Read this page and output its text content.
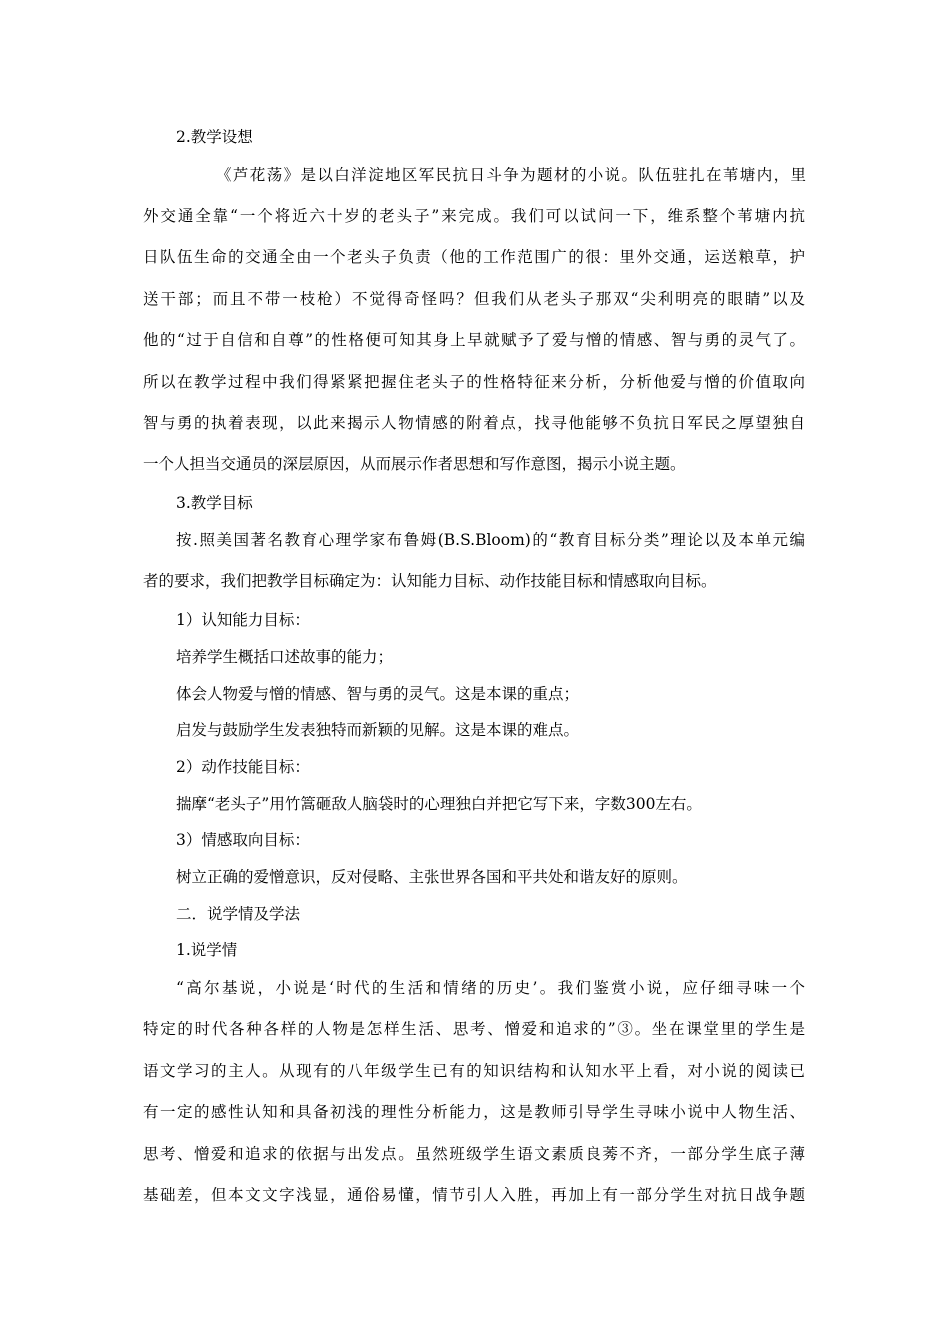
2.教学设想
《芦花荡》是以白洋淀地区军民抗日斗争为题材的小说。队伍驻扎在苇塘内，里
外交通全靠“一个将近六十岁的老头子”来完成。我们可以试问一下，维系整个苇塘内抗
日队伍生命的交通全由一个老头子负责（他的工作范围广的很：里外交通，运送粮草，护
送干部；而且不带一枝枪）不觉得奇怪吗？但我们从老头子那双“尖利明亮的眼睛”以及
他的“过于自信和自尊”的性格便可知其身上早就赋予了爱与憎的情感、智与勇的灵气了。
所以在教学过程中我们得紧紧把握住老头子的性格特征来分析，分析他爱与憎的价值取向
智与勇的执着表现，以此来揭示人物情感的附着点，找寻他能够不负抗日军民之厚望独自
一个人担当交通员的深层原因，从而展示作者思想和写作意图，揭示小说主题。
3.教学目标
按.照美国著名教育心理学家布鲁姆(B.S.Bloom)的“教育目标分类”理论以及本单元编
者的要求，我们把教学目标确定为：认知能力目标、动作技能目标和情感取向目标。
1）认知能力目标：
培养学生概括口述故事的能力；
体会人物爱与憎的情感、智与勇的灵气。这是本课的重点；
启发与鼓励学生发表独特而新颖的见解。这是本课的难点。
2）动作技能目标：
揣摩“老头子”用竹篙砸敌人脑袋时的心理独白并把它写下来，字数300左右。
3）情感取向目标：
树立正确的爱憎意识，反对侵略、主张世界各国和平共处和谐友好的原则。
二．说学情及学法
1.说学情
“高尔基说，小说是‘时代的生活和情绪的历史’。我们鉴赏小说，应仔细寻味一个
特定的时代各种各样的人物是怎样生活、思考、憎爱和追求的”③。坐在课堂里的学生是
语文学习的主人。从现有的八年级学生已有的知识结构和认知水平上看，对小说的阅读已
有一定的感性认知和具备初浅的理性分析能力，这是教师引导学生寻味小说中人物生活、
思考、憎爱和追求的依据与出发点。虽然班级学生语文素质良莠不齐，一部分学生底子薄
基础差，但本文文字浅显，通俗易懂，情节引人入胜，再加上有一部分学生对抗日战争题
